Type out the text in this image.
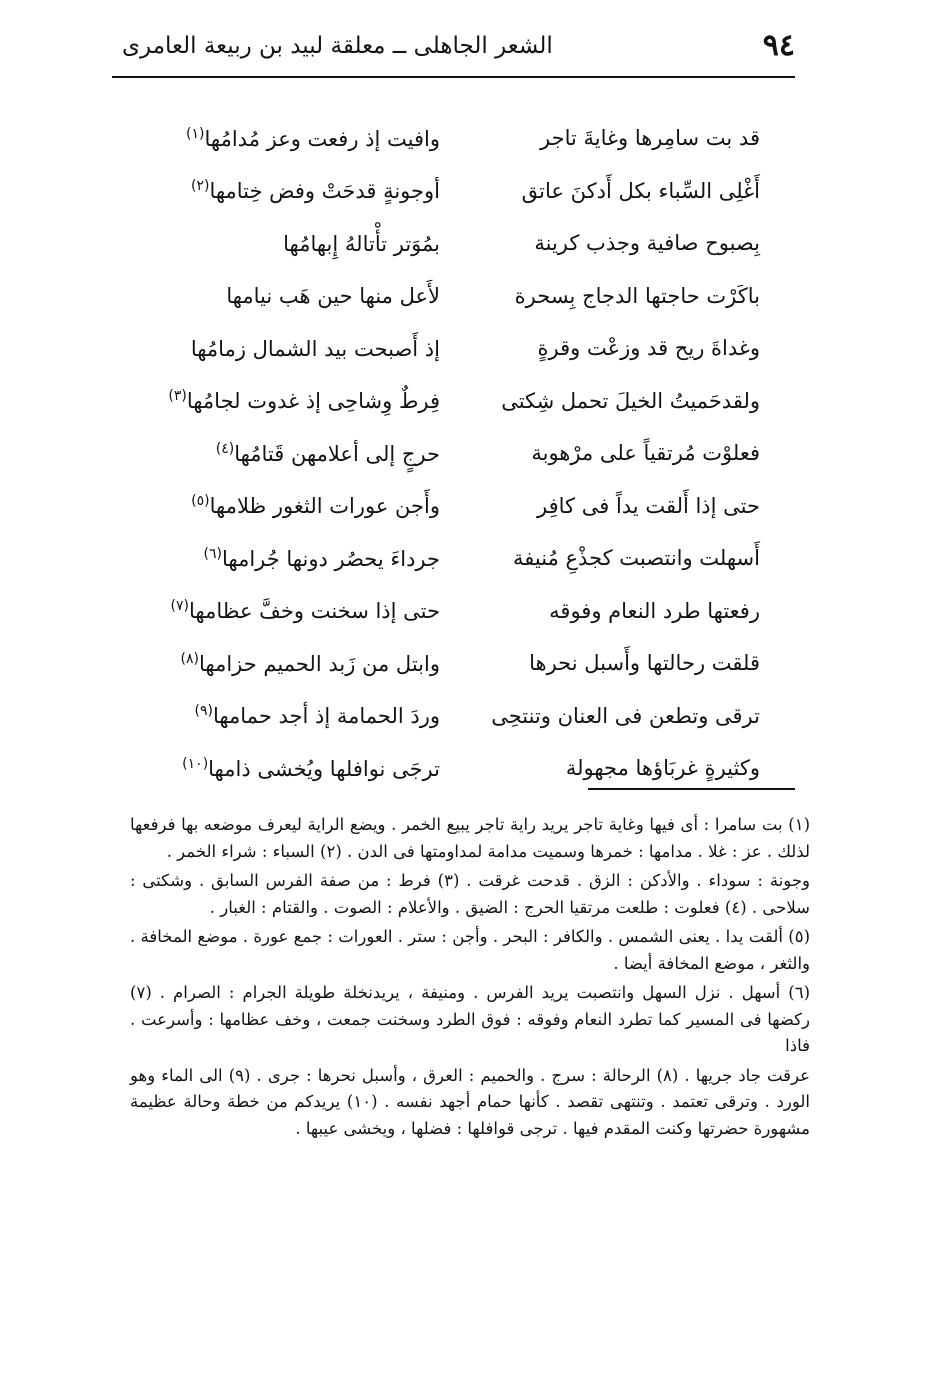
٩٤
الشعر الجاهلى ــ معلقة لبيد بن ربيعة العامرى
قد بت سامِرها وغايةَ تاجر
وافيت إذ رفعت وعز مُدامُها$^{(١)}$
أَغْلِى السِّباء بكل أَدكنَ عاتق
أوجونةٍ قدحَتْ وفض خِتامها$^{(٢)}$
بِصبوح صافية وجذب كرينة
بمُوَتر تأْتالهُ إِبهامُها
باكَرْت حاجتها الدجاج بِسحرة
لأَعل منها حين هَب نيامها
وغداةَ ريح قد وزعْت وقرةٍ
إذ أَصبحت بيد الشمال زمامُها
ولقدحَميتُ الخيلَ تحمل شِكتى
فِرطٌ وِشاحِى إذ غدوت لجامُها$^{(٣)}$
فعلوْت مُرتقياً على مرْهوبة
حرجٍ إلى أعلامهن قَتامُها$^{(٤)}$
حتى إذا أَلقت يداً فى كافِر
وأَجن عورات الثغور ظلامها$^{(٥)}$
أَسهلت وانتصبت كجذْعِ مُنيفة
جرداءَ يحصُر دونها جُرامها$^{(٦)}$
رفعتها طرد النعام وفوقه
حتى إذا سخنت وخفَّ عظامها$^{(٧)}$
قلقت رحالتها وأَسبل نحرها
وابتل من زَبد الحميم حزامها$^{(٨)}$
ترقى وتطعن فى العنان وتنتحِى
وردَ الحمامة إذ أجد حمامها$^{(٩)}$
وكثيرةٍ غربَاؤها مجهولة
ترجَى نوافلها ويُخشى ذامها$^{(١٠)}$

(١) بت سامرا : أى فيها وغاية تاجر يريد راية تاجر يبيع الخمر . ويضع الراية ليعرف موضعه بها فرفعها لذلك . عز : غلا . مدامها : خمرها وسميت مدامة لمداومتها فى الدن . (٢) السباء : شراء الخمر .

وجونة : سوداء . والأدكن : الزق . قدحت غرقت . (٣) فرط : من صفة الفرس السابق . وشكتى : سلاحى . (٤) فعلوت : طلعت مرتقيا الحرج : الضيق . والأعلام : الصوت . والقتام : الغبار .

(٥) ألقت يدا . يعنى الشمس . والكافر : البحر . وأجن : ستر . العورات : جمع عورة . موضع المخافة . والثغر ، موضع المخافة أيضا .

(٦) أسهل . نزل السهل وانتصبت يريد الفرس . ومنيفة ، يريدنخلة طويلة الجرام : الصرام . (٧) ركضها فى المسير كما تطرد النعام وفوقه : فوق الطرد وسخنت جمعت ، وخف عظامها : وأسرعت . فاذا

عرقت جاد جريها . (٨) الرحالة : سرج . والحميم : العرق ، وأسبل نحرها : جرى . (٩) الى الماء وهو الورد . وترقى تعتمد . وتنتهى تقصد . كأنها حمام أجهد نفسه . (١٠) يريدكم من خطة وحالة عظيمة مشهورة حضرتها وكنت المقدم فيها . ترجى قوافلها : فضلها ، ويخشى عيبها .
